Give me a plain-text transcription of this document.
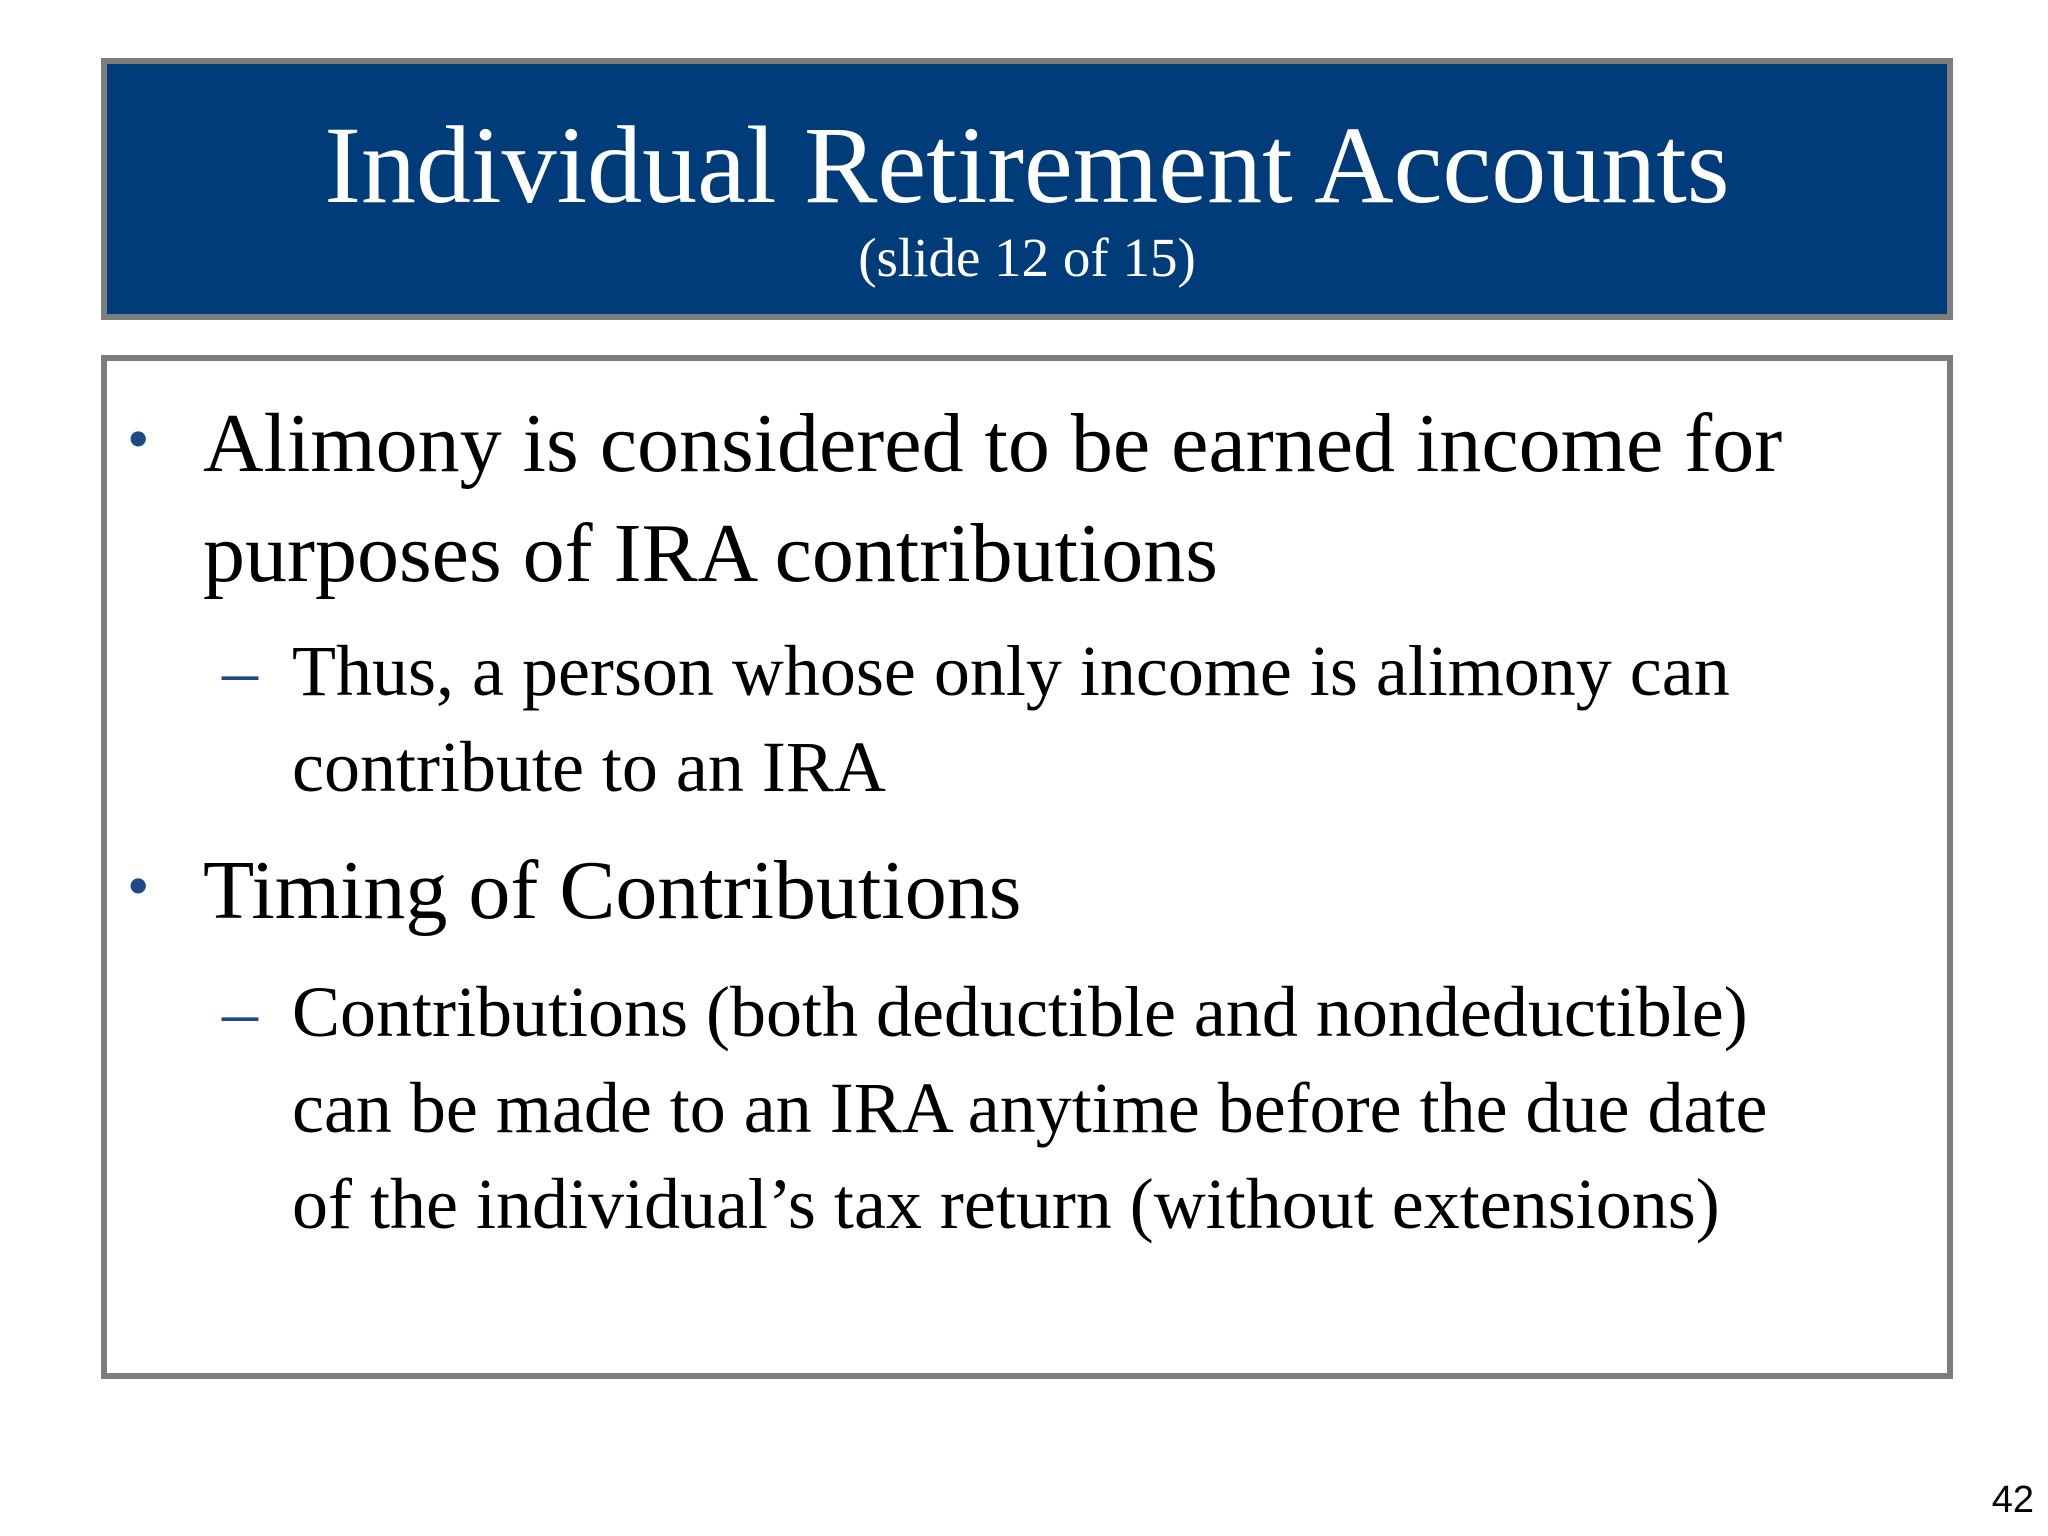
Individual Retirement Accounts
(slide 12 of 15)
• Alimony is considered to be earned income for
purposes of IRA contributions
– Thus, a person whose only income is alimony can
contribute to an IRA
• Timing of Contributions
– Contributions (both deductible and nondeductible)
can be made to an IRA anytime before the due date
of the individual’s tax return (without extensions)
42
